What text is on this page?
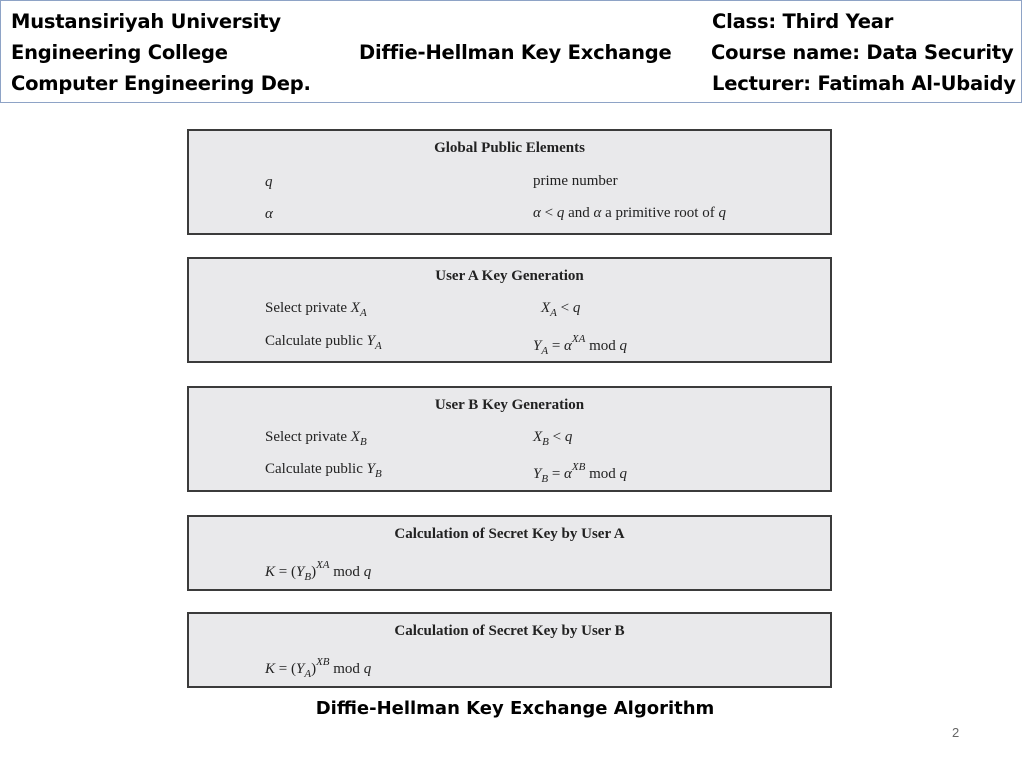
Mustansiriyah University
Engineering College
Computer Engineering Dep.
Diffie-Hellman Key Exchange
Class: Third Year
Course name: Data Security
Lecturer: Fatimah Al-Ubaidy
Global Public Elements
q	prime number
α	α < q and α a primitive root of q
User A Key Generation
Select private $X_A$	$X_A < q$
Calculate public $Y_A$	$Y_A = \alpha^{XA}$ mod q
User B Key Generation
Select private $X_B$	$X_B < q$
Calculate public $Y_B$	$Y_B = \alpha^{XB}$ mod q
Calculation of Secret Key by User A
$K = (Y_B)^{XA}$ mod q
Calculation of Secret Key by User B
$K = (Y_A)^{XB}$ mod q
Diffie-Hellman Key Exchange Algorithm
2
